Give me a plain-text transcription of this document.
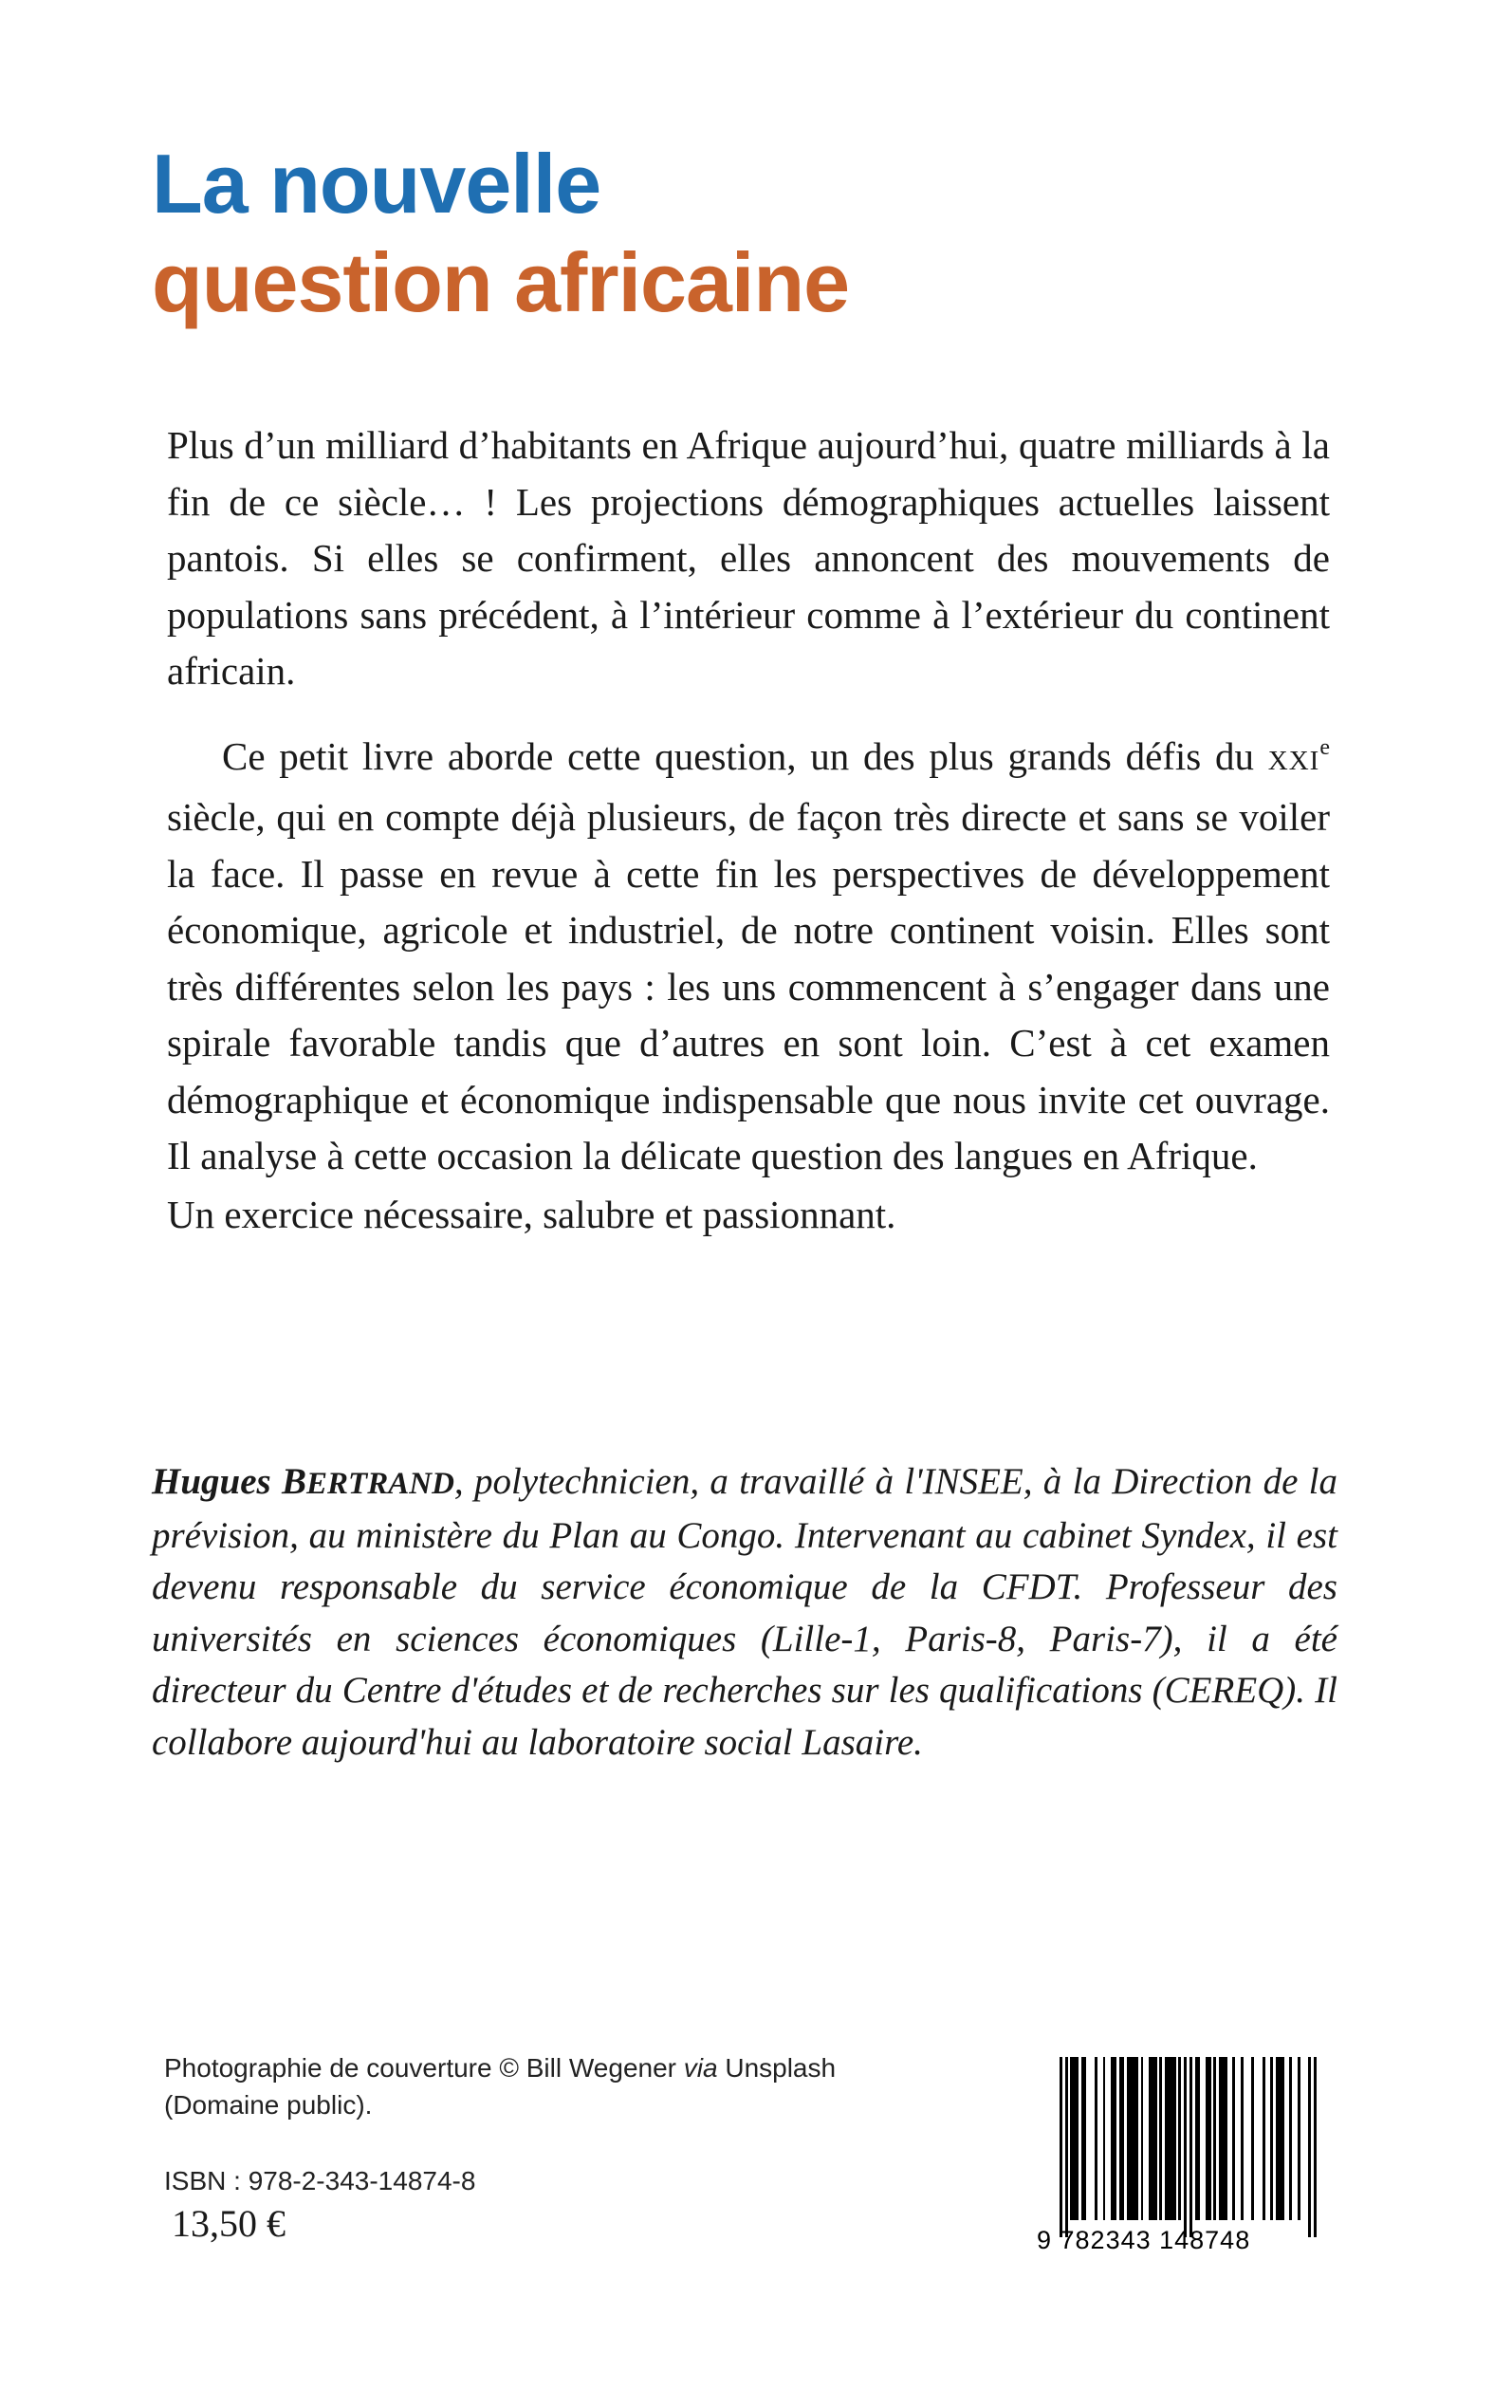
La nouvelle
question africaine

Plus d’un milliard d’habitants en Afrique aujourd’hui, quatre milliards à la fin de ce siècle… ! Les projections démographiques actuelles laissent pantois. Si elles se confirment, elles annoncent des mouvements de populations sans précédent, à l’intérieur comme à l’extérieur du continent africain.

Ce petit livre aborde cette question, un des plus grands défis du XXIe siècle, qui en compte déjà plusieurs, de façon très directe et sans se voiler la face. Il passe en revue à cette fin les perspectives de développement économique, agricole et industriel, de notre continent voisin. Elles sont très différentes selon les pays : les uns commencent à s’engager dans une spirale favorable tandis que d’autres en sont loin. C’est à cet examen démographique et économique indispensable que nous invite cet ouvrage. Il analyse à cette occasion la délicate question des langues en Afrique.

Un exercice nécessaire, salubre et passionnant.

Hugues BERTRAND, polytechnicien, a travaillé à l'INSEE, à la Direction de la prévision, au ministère du Plan au Congo. Intervenant au cabinet Syndex, il est devenu responsable du service économique de la CFDT. Professeur des universités en sciences économiques (Lille-1, Paris-8, Paris-7), il a été directeur du Centre d'études et de recherches sur les qualifications (CEREQ). Il collabore aujourd'hui au laboratoire social Lasaire.
Photographie de couverture © Bill Wegener via Unsplash
(Domaine public).
ISBN : 978-2-343-14874-8
13,50 €	9 782343 148748
